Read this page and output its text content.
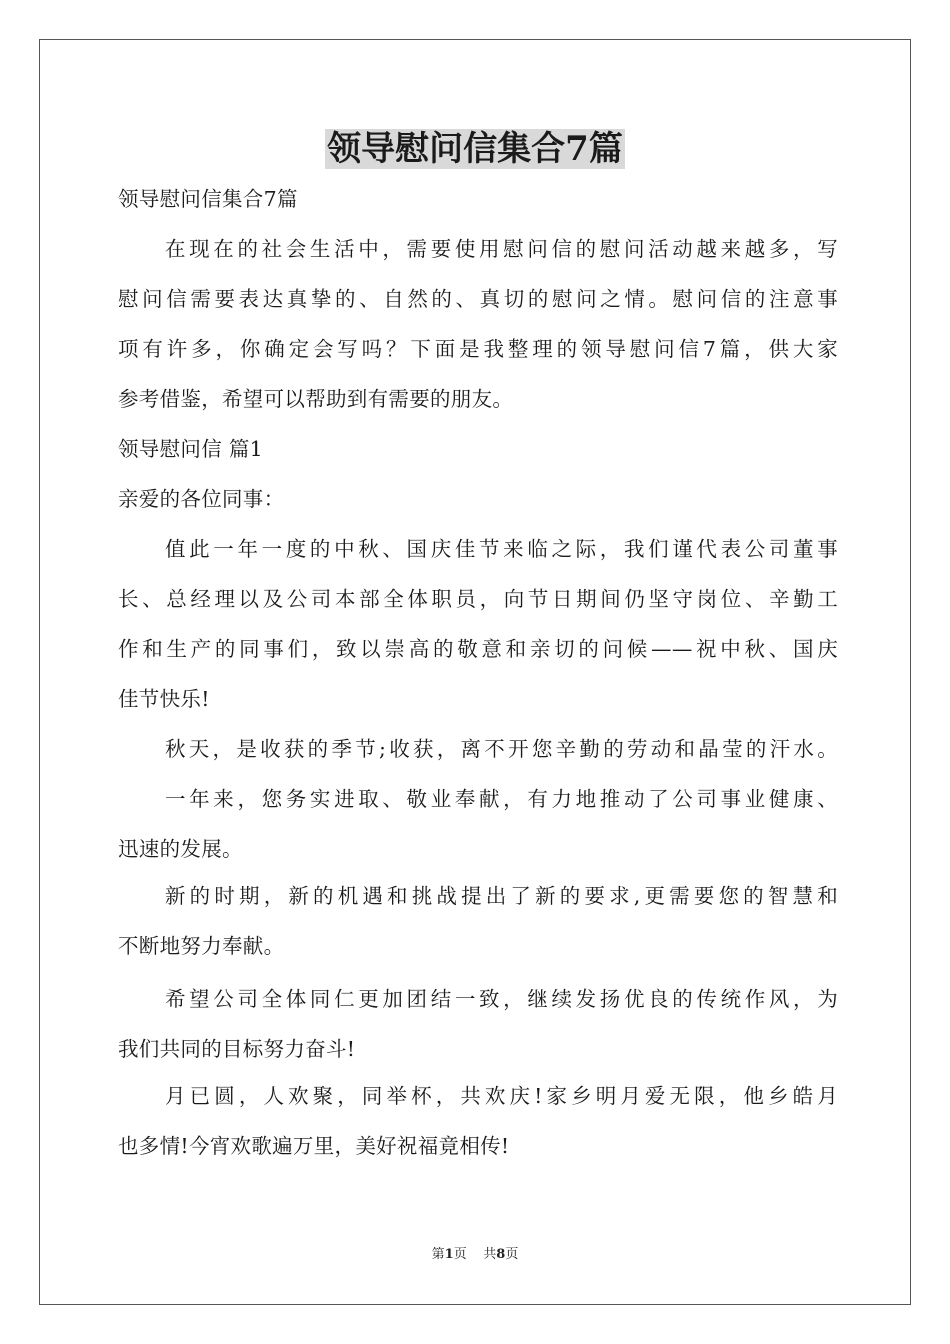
领导慰问信集合7篇
领导慰问信集合7篇
在现在的社会生活中，需要使用慰问信的慰问活动越来越多，写
慰问信需要表达真挚的、自然的、真切的慰问之情。慰问信的注意事
项有许多，你确定会写吗？下面是我整理的领导慰问信7篇，供大家
参考借鉴，希望可以帮助到有需要的朋友。
领导慰问信 篇1
亲爱的各位同事：
值此一年一度的中秋、国庆佳节来临之际，我们谨代表公司董事
长、总经理以及公司本部全体职员，向节日期间仍坚守岗位、辛勤工
作和生产的同事们，致以崇高的敬意和亲切的问候——祝中秋、国庆
佳节快乐!
秋天，是收获的季节;收获，离不开您辛勤的劳动和晶莹的汗水。
一年来，您务实进取、敬业奉献，有力地推动了公司事业健康、
迅速的发展。
新的时期，新的机遇和挑战提出了新的要求,更需要您的智慧和
不断地努力奉献。
希望公司全体同仁更加团结一致，继续发扬优良的传统作风，为
我们共同的目标努力奋斗!
月已圆，人欢聚，同举杯，共欢庆!家乡明月爱无限，他乡皓月
也多情!今宵欢歌遍万里，美好祝福竟相传!
第1页 共8页
